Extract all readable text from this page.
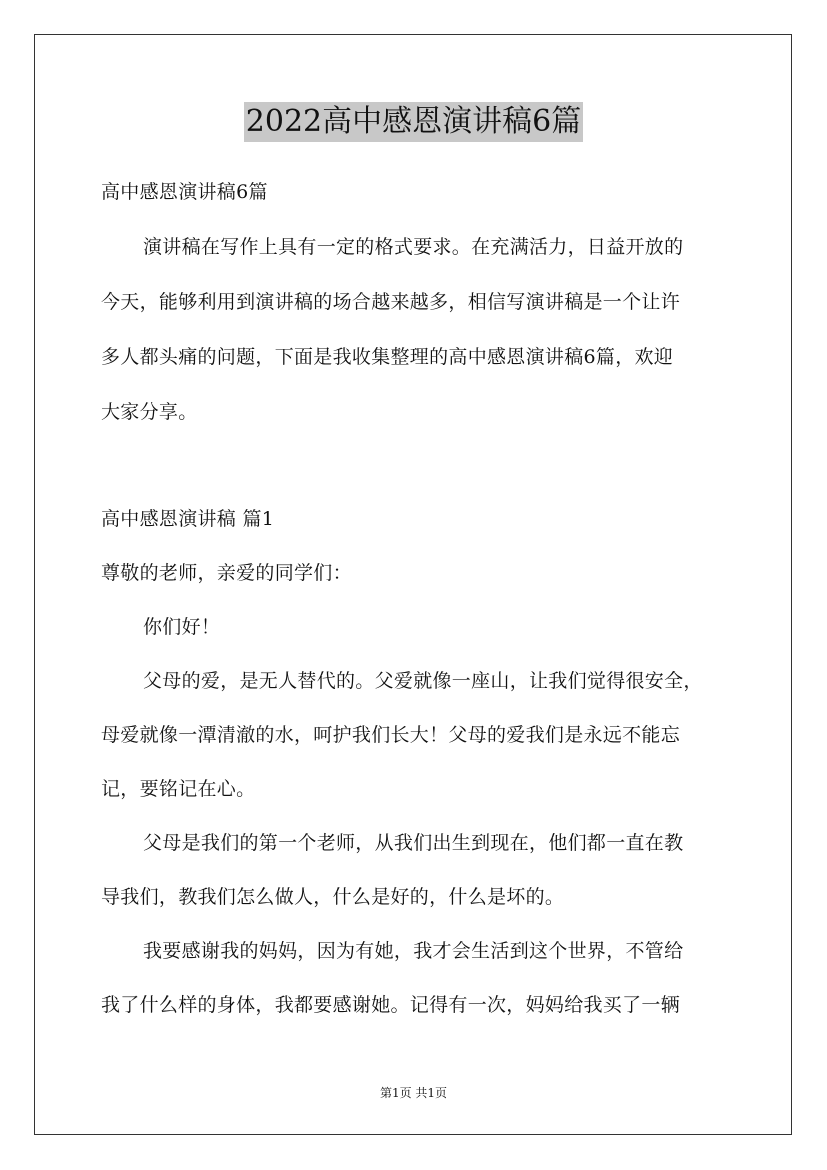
2022高中感恩演讲稿6篇
高中感恩演讲稿6篇
演讲稿在写作上具有一定的格式要求。在充满活力，日益开放的
今天，能够利用到演讲稿的场合越来越多，相信写演讲稿是一个让许
多人都头痛的问题，下面是我收集整理的高中感恩演讲稿6篇，欢迎
大家分享。
高中感恩演讲稿 篇1
尊敬的老师，亲爱的同学们：
你们好！
父母的爱，是无人替代的。父爱就像一座山，让我们觉得很安全，
母爱就像一潭清澈的水，呵护我们长大！父母的爱我们是永远不能忘
记，要铭记在心。
父母是我们的第一个老师，从我们出生到现在，他们都一直在教
导我们，教我们怎么做人，什么是好的，什么是坏的。
我要感谢我的妈妈，因为有她，我才会生活到这个世界，不管给
我了什么样的身体，我都要感谢她。记得有一次，妈妈给我买了一辆
第1页 共1页
